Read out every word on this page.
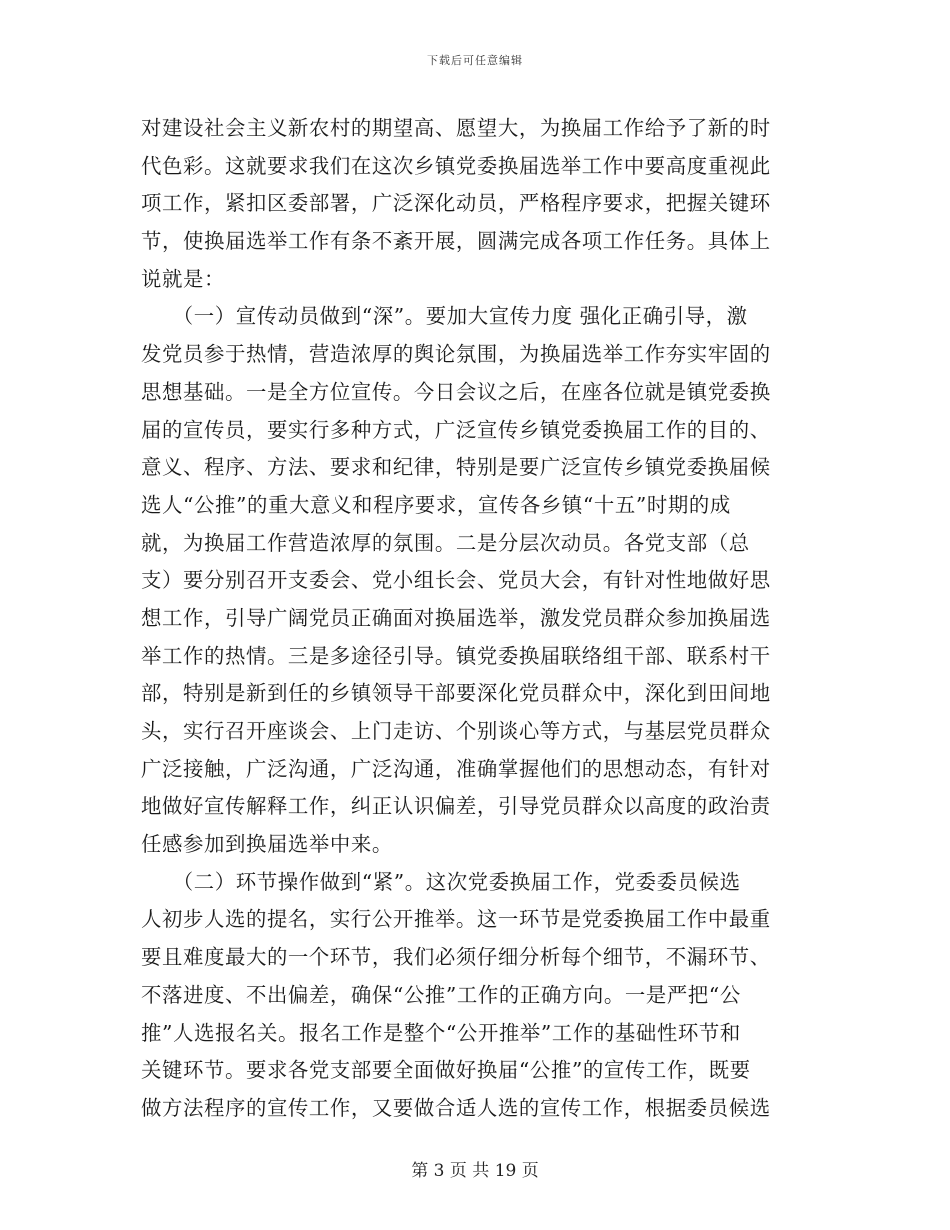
下载后可任意编辑
对建设社会主义新农村的期望高、愿望大，为换届工作给予了新的时
代色彩。这就要求我们在这次乡镇党委换届选举工作中要高度重视此
项工作，紧扣区委部署，广泛深化动员，严格程序要求，把握关键环
节，使换届选举工作有条不紊开展，圆满完成各项工作任务。具体上
说就是：
　　（一）宣传动员做到“深”。要加大宣传力度 强化正确引导，激
发党员参于热情，营造浓厚的舆论氛围，为换届选举工作夯实牢固的
思想基础。一是全方位宣传。今日会议之后，在座各位就是镇党委换
届的宣传员，要实行多种方式，广泛宣传乡镇党委换届工作的目的、
意义、程序、方法、要求和纪律，特别是要广泛宣传乡镇党委换届候
选人“公推”的重大意义和程序要求，宣传各乡镇“十五”时期的成
就，为换届工作营造浓厚的氛围。二是分层次动员。各党支部（总
支）要分别召开支委会、党小组长会、党员大会，有针对性地做好思
想工作，引导广阔党员正确面对换届选举，激发党员群众参加换届选
举工作的热情。三是多途径引导。镇党委换届联络组干部、联系村干
部，特别是新到任的乡镇领导干部要深化党员群众中，深化到田间地
头，实行召开座谈会、上门走访、个别谈心等方式，与基层党员群众
广泛接触，广泛沟通，广泛沟通，准确掌握他们的思想动态，有针对
地做好宣传解释工作，纠正认识偏差，引导党员群众以高度的政治责
任感参加到换届选举中来。
　　（二）环节操作做到“紧”。这次党委换届工作，党委委员候选
人初步人选的提名，实行公开推举。这一环节是党委换届工作中最重
要且难度最大的一个环节，我们必须仔细分析每个细节，不漏环节、
不落进度、不出偏差，确保“公推”工作的正确方向。一是严把“公
推”人选报名关。报名工作是整个“公开推举”工作的基础性环节和
关键环节。要求各党支部要全面做好换届“公推”的宣传工作，既要
做方法程序的宣传工作，又要做合适人选的宣传工作，根据委员候选
第 3 页 共 19 页
